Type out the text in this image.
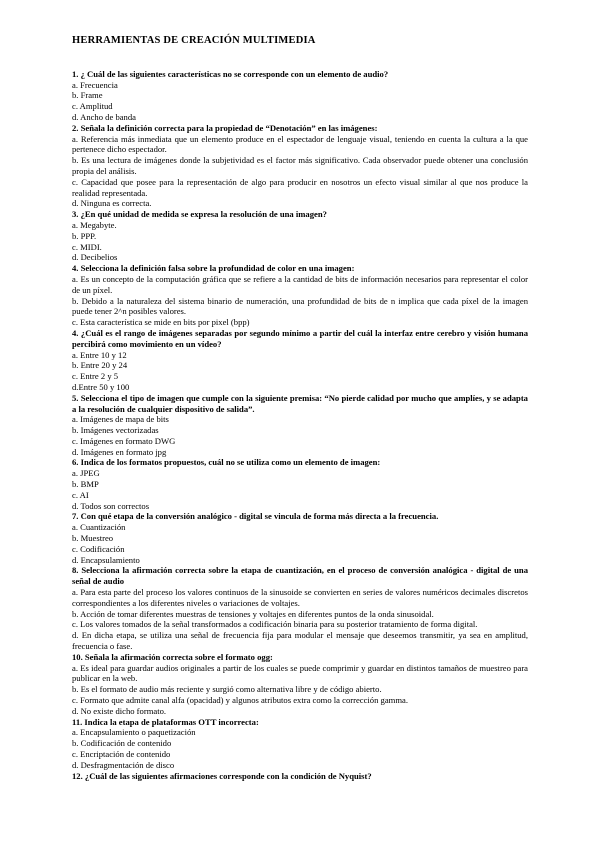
HERRAMIENTAS DE CREACIÓN MULTIMEDIA
1. ¿ Cuál de las siguientes características no se corresponde con un elemento de audio?
a. Frecuencia
b. Frame
c. Amplitud
d. Ancho de banda
2. Señala la definición correcta para la propiedad de “Denotación” en las imágenes:
a. Referencia más inmediata que un elemento produce en el espectador de lenguaje visual, teniendo en cuenta la cultura a la que pertenece dicho espectador.
b. Es una lectura de imágenes donde la subjetividad es el factor más significativo. Cada observador puede obtener una conclusión propia del análisis.
c. Capacidad que posee para la representación de algo para producir en nosotros un efecto visual similar al que nos produce la realidad representada.
d. Ninguna es correcta.
3. ¿En qué unidad de medida se expresa la resolución de una imagen?
a. Megabyte.
b. PPP.
c. MIDI.
d. Decibelios
4. Selecciona la definición falsa sobre la profundidad de color en una imagen:
a. Es un concepto de la computación gráfica que se refiere a la cantidad de bits de información necesarios para representar el color de un píxel.
b. Debido a la naturaleza del sistema binario de numeración, una profundidad de bits de n implica que cada píxel de la imagen puede tener 2^n posibles valores.
c. Esta característica se mide en bits por pixel (bpp)
4. ¿Cuál es el rango de imágenes separadas por segundo mínimo a partir del cuál la interfaz entre cerebro y visión humana percibirá como movimiento en un vídeo?
a. Entre 10 y 12
b. Entre 20 y 24
c. Entre 2 y 5
d.Entre 50 y 100
5. Selecciona el tipo de imagen que cumple con la siguiente premisa: “No pierde calidad por mucho que amplíes, y se adapta a la resolución de cualquier dispositivo de salida”.
a. Imágenes de mapa de bits
b. Imágenes vectorizadas
c. Imágenes en formato DWG
d. Imágenes en formato jpg
6. Indica de los formatos propuestos, cuál no se utiliza como un elemento de imagen:
a. JPEG
b. BMP
c. AI
d. Todos son correctos
7. Con qué etapa de la conversión analógico - digital se vincula de forma más directa a la frecuencia.
a. Cuantización
b. Muestreo
c. Codificación
d. Encapsulamiento
8. Selecciona la afirmación correcta sobre la etapa de cuantización, en el proceso de conversión analógica - digital de una señal de audio
a. Para esta parte del proceso los valores continuos de la sinusoide se convierten en series de valores numéricos decimales discretos correspondientes a los diferentes niveles o variaciones de voltajes.
b. Acción de tomar diferentes muestras de tensiones y voltajes en diferentes puntos de la onda sinusoidal.
c. Los valores tomados de la señal transformados a codificación binaria para su posterior tratamiento de forma digital.
d. En dicha etapa, se utiliza una señal de frecuencia fija para modular el mensaje que deseemos transmitir, ya sea en amplitud, frecuencia o fase.
10. Señala la afirmación correcta sobre el formato ogg:
a. Es ideal para guardar audios originales a partir de los cuales se puede comprimir y guardar en distintos tamaños de muestreo para publicar en la web.
b. Es el formato de audio más reciente y surgió como alternativa libre y de código abierto.
c. Formato que admite canal alfa (opacidad) y algunos atributos extra como la corrección gamma.
d. No existe dicho formato.
11. Indica la etapa de plataformas OTT incorrecta:
a. Encapsulamiento o paquetización
b. Codificación de contenido
c. Encriptación de contenido
d. Desfragmentación de disco
12. ¿Cuál de las siguientes afirmaciones corresponde con la condición de Nyquist?
